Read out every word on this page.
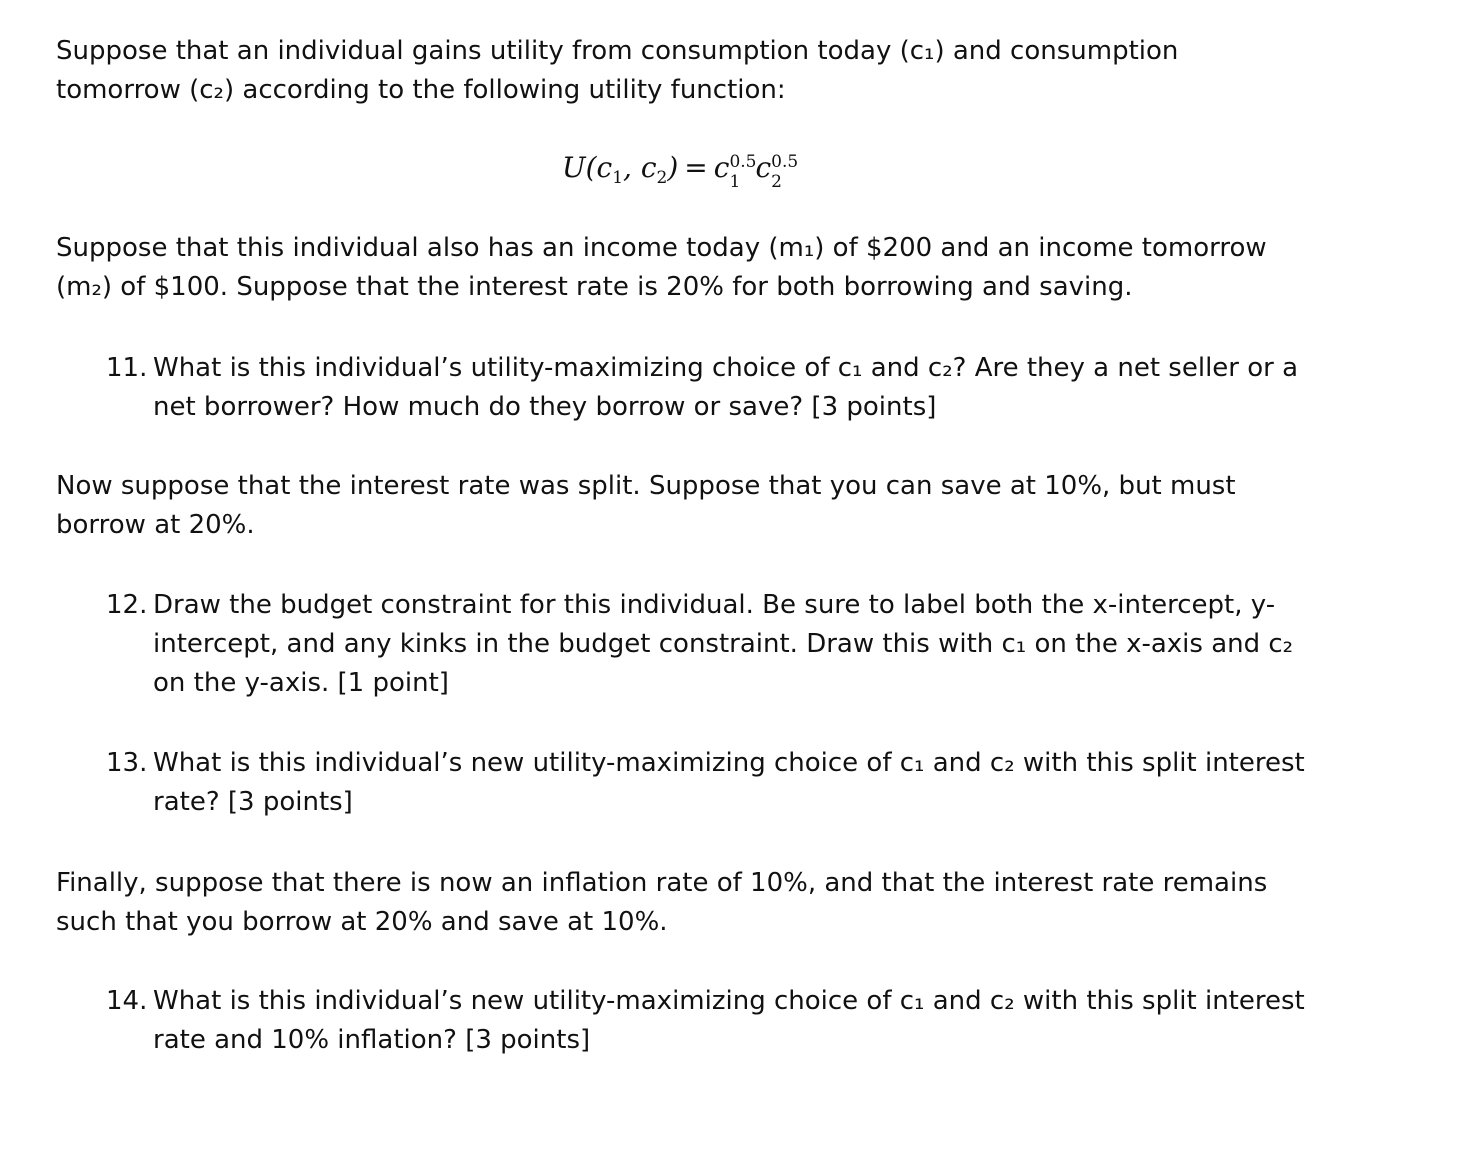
Suppose that an individual gains utility from consumption today (c₁) and consumption
tomorrow (c₂) according to the following utility function:

$U(c_1$, $c_2) = c$ 0.5
1 c 0.5
2

Suppose that this individual also has an income today (m₁) of $200 and an income tomorrow
(m₂) of $100. Suppose that the interest rate is 20% for both borrowing and saving.

11. What is this individual’s utility-maximizing choice of c₁ and c₂? Are they a net seller or a
net borrower? How much do they borrow or save? [3 points]

Now suppose that the interest rate was split. Suppose that you can save at 10%, but must
borrow at 20%.

12. Draw the budget constraint for this individual. Be sure to label both the x-intercept, y-
intercept, and any kinks in the budget constraint. Draw this with c₁ on the x-axis and c₂
on the y-axis. [1 point]
13. What is this individual’s new utility-maximizing choice of c₁ and c₂ with this split interest
rate? [3 points]

Finally, suppose that there is now an inflation rate of 10%, and that the interest rate remains
such that you borrow at 20% and save at 10%.

14. What is this individual’s new utility-maximizing choice of c₁ and c₂ with this split interest
rate and 10% inflation? [3 points]
